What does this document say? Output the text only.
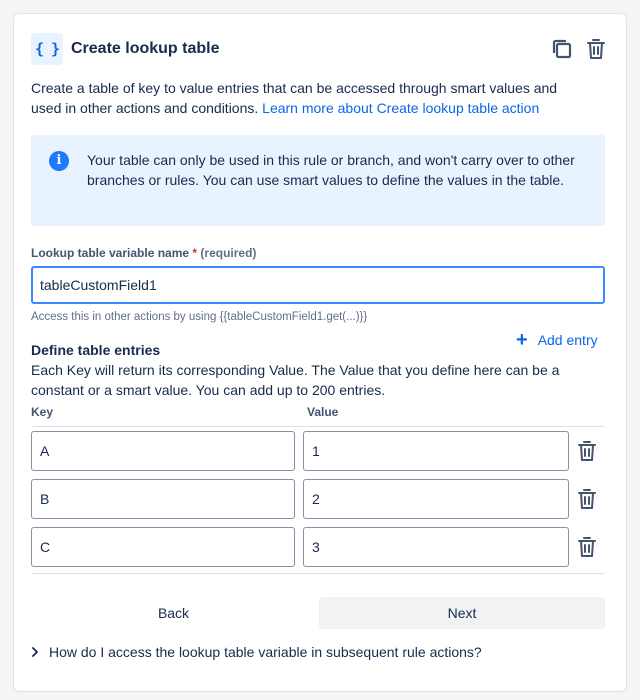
{ } Create lookup table
Create a table of key to value entries that can be accessed through smart values and used in other actions and conditions. Learn more about Create lookup table action
i	Your table can only be used in this rule or branch, and won't carry over to other branches or rules. You can use smart values to define the values in the table.
Lookup table variable name * (required)
tableCustomField1
Access this in other actions by using {{tableCustomField1.get(...)}}
+ Add entry
Define table entries
Each Key will return its corresponding Value. The Value that you define here can be a constant or a smart value. You can add up to 200 entries.
Key	Value
A	1
B	2
C	3
Back	Next
How do I access the lookup table variable in subsequent rule actions?
